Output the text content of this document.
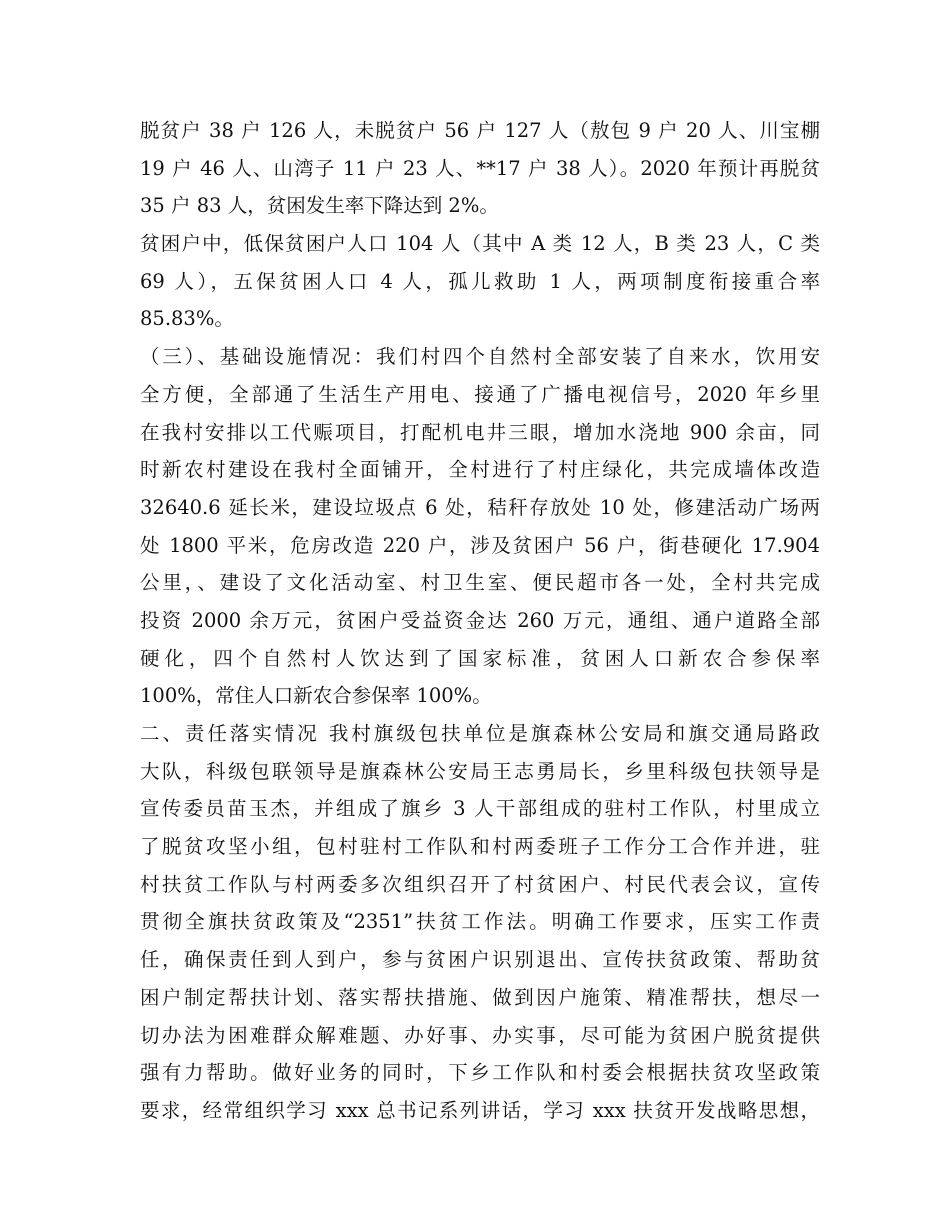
脱贫户 38 户 126 人，未脱贫户 56 户 127 人（敖包 9 户 20 人、川宝棚
19 户 46 人、山湾子 11 户 23 人、**17 户 38 人）。2020 年预计再脱贫
35 户 83 人，贫困发生率下降达到 2%。
贫困户中，低保贫困户人口 104 人（其中 A 类 12 人，B 类 23 人，C 类
69 人），五保贫困人口 4 人，孤儿救助 1 人，两项制度衔接重合率
85.83%。
（三）、基础设施情况：我们村四个自然村全部安装了自来水，饮用安
全方便，全部通了生活生产用电、接通了广播电视信号，2020 年乡里
在我村安排以工代赈项目，打配机电井三眼，增加水浇地 900 余亩，同
时新农村建设在我村全面铺开，全村进行了村庄绿化，共完成墙体改造
32640.6 延长米，建设垃圾点 6 处，秸秆存放处 10 处，修建活动广场两
处 1800 平米，危房改造 220 户，涉及贫困户 56 户，街巷硬化 17.904
公里，、建设了文化活动室、村卫生室、便民超市各一处，全村共完成
投资 2000 余万元，贫困户受益资金达 260 万元，通组、通户道路全部
硬化，四个自然村人饮达到了国家标准，贫困人口新农合参保率
100%，常住人口新农合参保率 100%。
二、责任落实情况 我村旗级包扶单位是旗森林公安局和旗交通局路政
大队，科级包联领导是旗森林公安局王志勇局长，乡里科级包扶领导是
宣传委员苗玉杰，并组成了旗乡 3 人干部组成的驻村工作队，村里成立
了脱贫攻坚小组，包村驻村工作队和村两委班子工作分工合作并进，驻
村扶贫工作队与村两委多次组织召开了村贫困户、村民代表会议，宣传
贯彻全旗扶贫政策及“2351”扶贫工作法。明确工作要求，压实工作责
任，确保责任到人到户，参与贫困户识别退出、宣传扶贫政策、帮助贫
困户制定帮扶计划、落实帮扶措施、做到因户施策、精准帮扶，想尽一
切办法为困难群众解难题、办好事、办实事，尽可能为贫困户脱贫提供
强有力帮助。做好业务的同时，下乡工作队和村委会根据扶贫攻坚政策
要求，经常组织学习 xxx 总书记系列讲话，学习 xxx 扶贫开发战略思想，
